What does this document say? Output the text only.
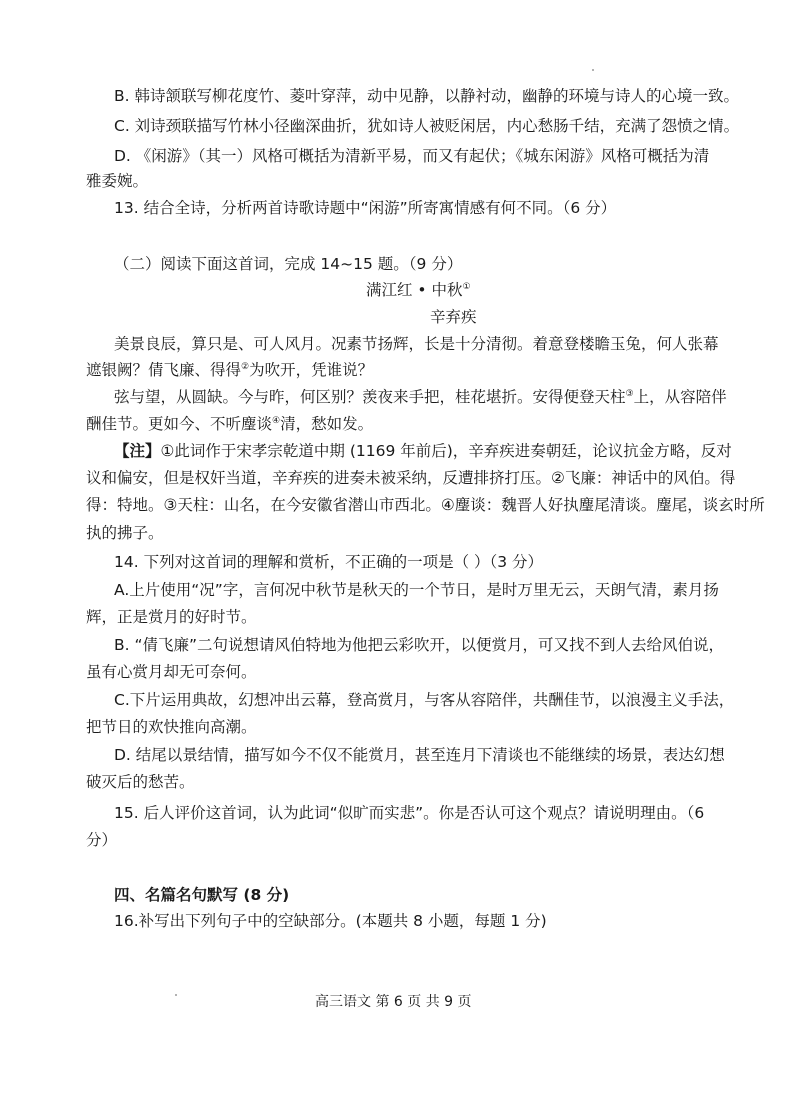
B. 韩诗颔联写柳花度竹、菱叶穿萍，动中见静，以静衬动，幽静的环境与诗人的心境一致。
C. 刘诗颈联描写竹林小径幽深曲折，犹如诗人被贬闲居，内心愁肠千结，充满了怨愤之情。
D. 《闲游》（其一）风格可概括为清新平易，而又有起伏；《城东闲游》风格可概括为清
雅委婉。
13. 结合全诗，分析两首诗歌诗题中“闲游”所寄寓情感有何不同。（6 分）
（二）阅读下面这首词，完成 14~15 题。（9 分）
满江红 • 中秋①
辛弃疾
美景良辰，算只是、可人风月。况素节扬辉，长是十分清彻。着意登楼瞻玉兔，何人张幕
遮银阙？倩飞廉、得得②为吹开，凭谁说？
弦与望，从圆缺。今与昨，何区别？羡夜来手把，桂花堪折。安得便登天柱③上，从容陪伴
酬佳节。更如今、不听麈谈④清，愁如发。
【注】①此词作于宋孝宗乾道中期 (1169 年前后)，辛弃疾进奏朝廷，论议抗金方略，反对
议和偏安，但是权奸当道，辛弃疾的进奏未被采纳，反遭排挤打压。②飞廉：神话中的风伯。得
得：特地。③天柱：山名，在今安徽省潜山市西北。④麈谈：魏晋人好执麈尾清谈。麈尾，谈玄时所
执的拂子。
14. 下列对这首词的理解和赏析，不正确的一项是（ ）（3 分）
A.上片使用“况”字，言何况中秋节是秋天的一个节日，是时万里无云，天朗气清，素月扬
辉，正是赏月的好时节。
B. “倩飞廉”二句说想请风伯特地为他把云彩吹开，以便赏月，可又找不到人去给风伯说，
虽有心赏月却无可奈何。
C.下片运用典故，幻想冲出云幕，登高赏月，与客从容陪伴，共酬佳节，以浪漫主义手法，
把节日的欢快推向高潮。
D. 结尾以景结情，描写如今不仅不能赏月，甚至连月下清谈也不能继续的场景，表达幻想
破灭后的愁苦。
15. 后人评价这首词，认为此词“似旷而实悲”。你是否认可这个观点？请说明理由。（6
分）
四、名篇名句默写 (8 分)
16.补写出下列句子中的空缺部分。(本题共 8 小题，每题 1 分)
高三语文 第 6 页 共 9 页
